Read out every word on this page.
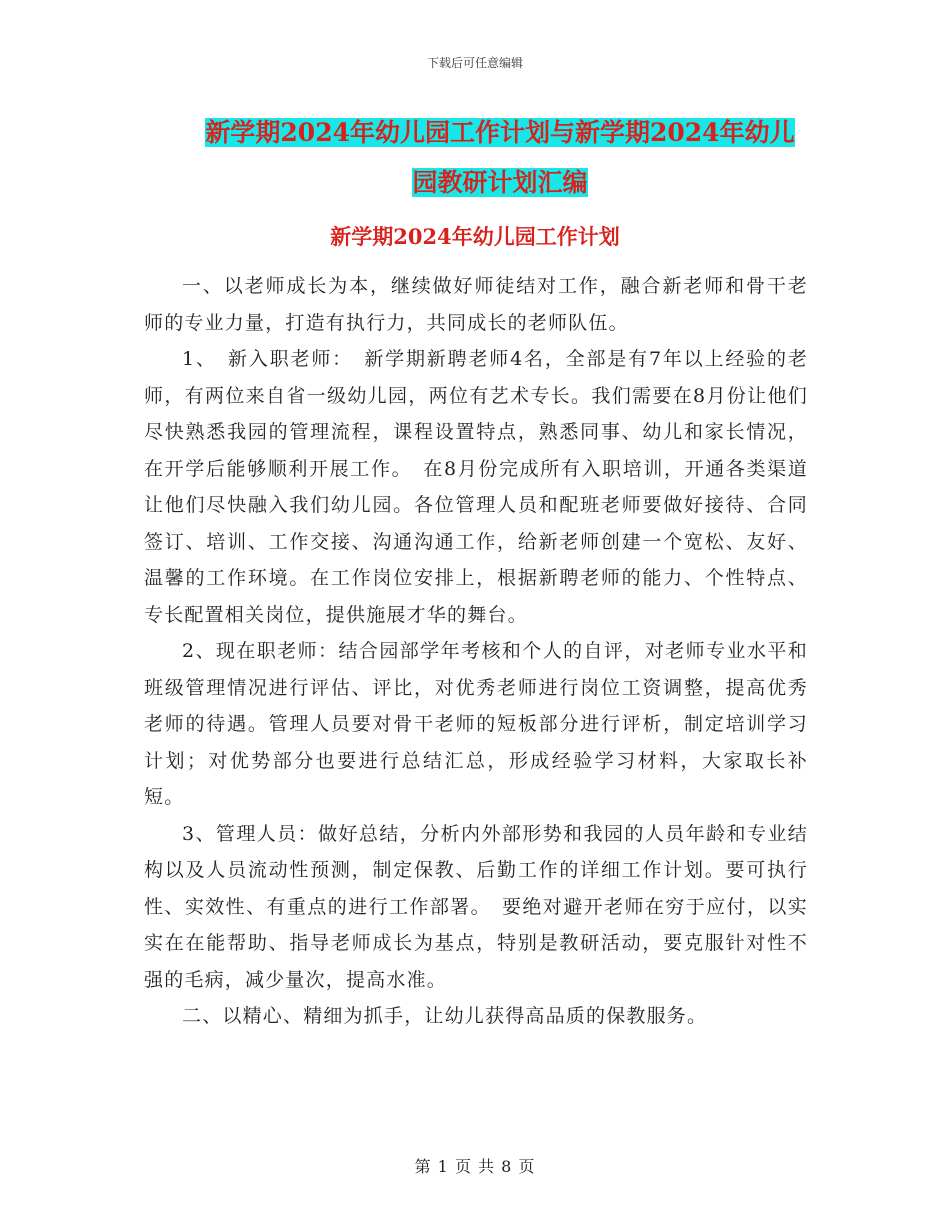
下载后可任意编辑
新学期2024年幼儿园工作计划与新学期2024年幼儿
园教研计划汇编
新学期2024年幼儿园工作计划

一、以老师成长为本，继续做好师徒结对工作，融合新老师和骨干老师的专业力量，打造有执行力，共同成长的老师队伍。

1、　新入职老师：　新学期新聘老师4名，全部是有7年以上经验的老师，有两位来自省一级幼儿园，两位有艺术专长。我们需要在8月份让他们尽快熟悉我园的管理流程，课程设置特点，熟悉同事、幼儿和家长情况，在开学后能够顺利开展工作。　在8月份完成所有入职培训，开通各类渠道让他们尽快融入我们幼儿园。各位管理人员和配班老师要做好接待、合同签订、培训、工作交接、沟通沟通工作，给新老师创建一个宽松、友好、温馨的工作环境。在工作岗位安排上，根据新聘老师的能力、个性特点、专长配置相关岗位，提供施展才华的舞台。

2、现在职老师：结合园部学年考核和个人的自评，对老师专业水平和班级管理情况进行评估、评比，对优秀老师进行岗位工资调整，提高优秀老师的待遇。管理人员要对骨干老师的短板部分进行评析，制定培训学习计划；对优势部分也要进行总结汇总，形成经验学习材料，大家取长补短。

3、管理人员：做好总结，分析内外部形势和我园的人员年龄和专业结构以及人员流动性预测，制定保教、后勤工作的详细工作计划。要可执行性、实效性、有重点的进行工作部署。　要绝对避开老师在穷于应付，以实实在在能帮助、指导老师成长为基点，特别是教研活动，要克服针对性不强的毛病，减少量次，提高水准。

二、以精心、精细为抓手，让幼儿获得高品质的保教服务。

第 1 页 共 8 页
